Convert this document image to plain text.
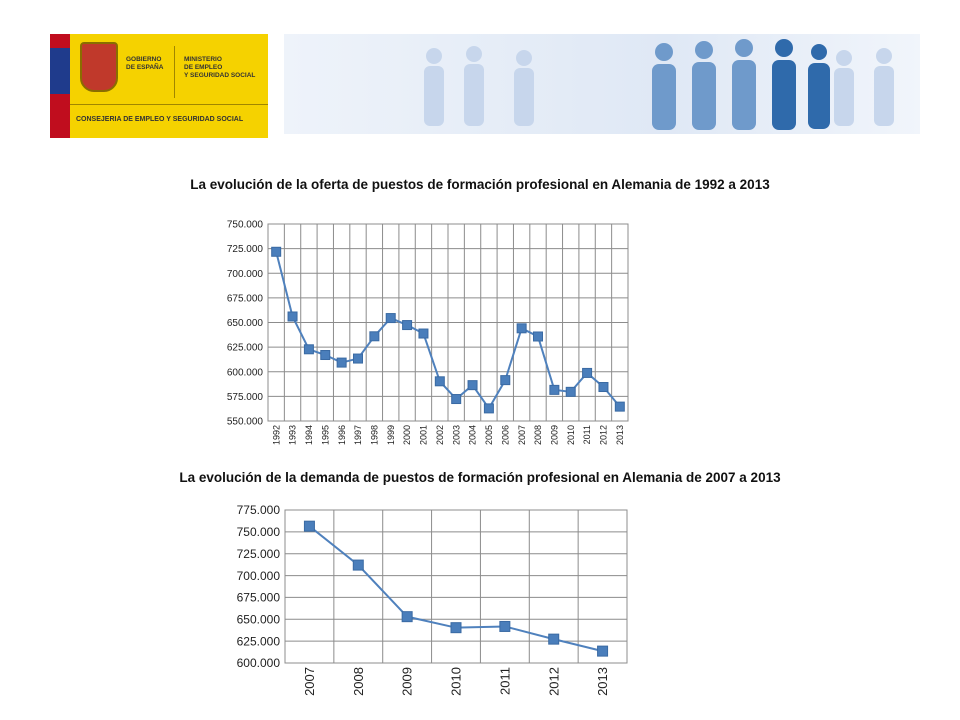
GOBIERNO
DE ESPAÑA
MINISTERIO
DE EMPLEO
Y SEGURIDAD SOCIAL
CONSEJERIA DE EMPLEO Y SEGURIDAD SOCIAL
La evolución de la oferta de puestos de formación profesional en Alemania de 1992 a 2013
750.000
725.000
700.000
675.000
650.000
625.000
600.000
575.000
550.000
1992 1993 1994 1995 1996 1997 1998 1999 2000 2001 2002 2003 2004 2005 2006 2007 2008 2009 2010 2011 2012 2013
La evolución de la demanda de puestos de formación profesional en Alemania de 2007 a 2013
775.000
750.000
725.000
700.000
675.000
650.000
625.000
600.000
2007	2008	2009	2010	2011	2012	2013
